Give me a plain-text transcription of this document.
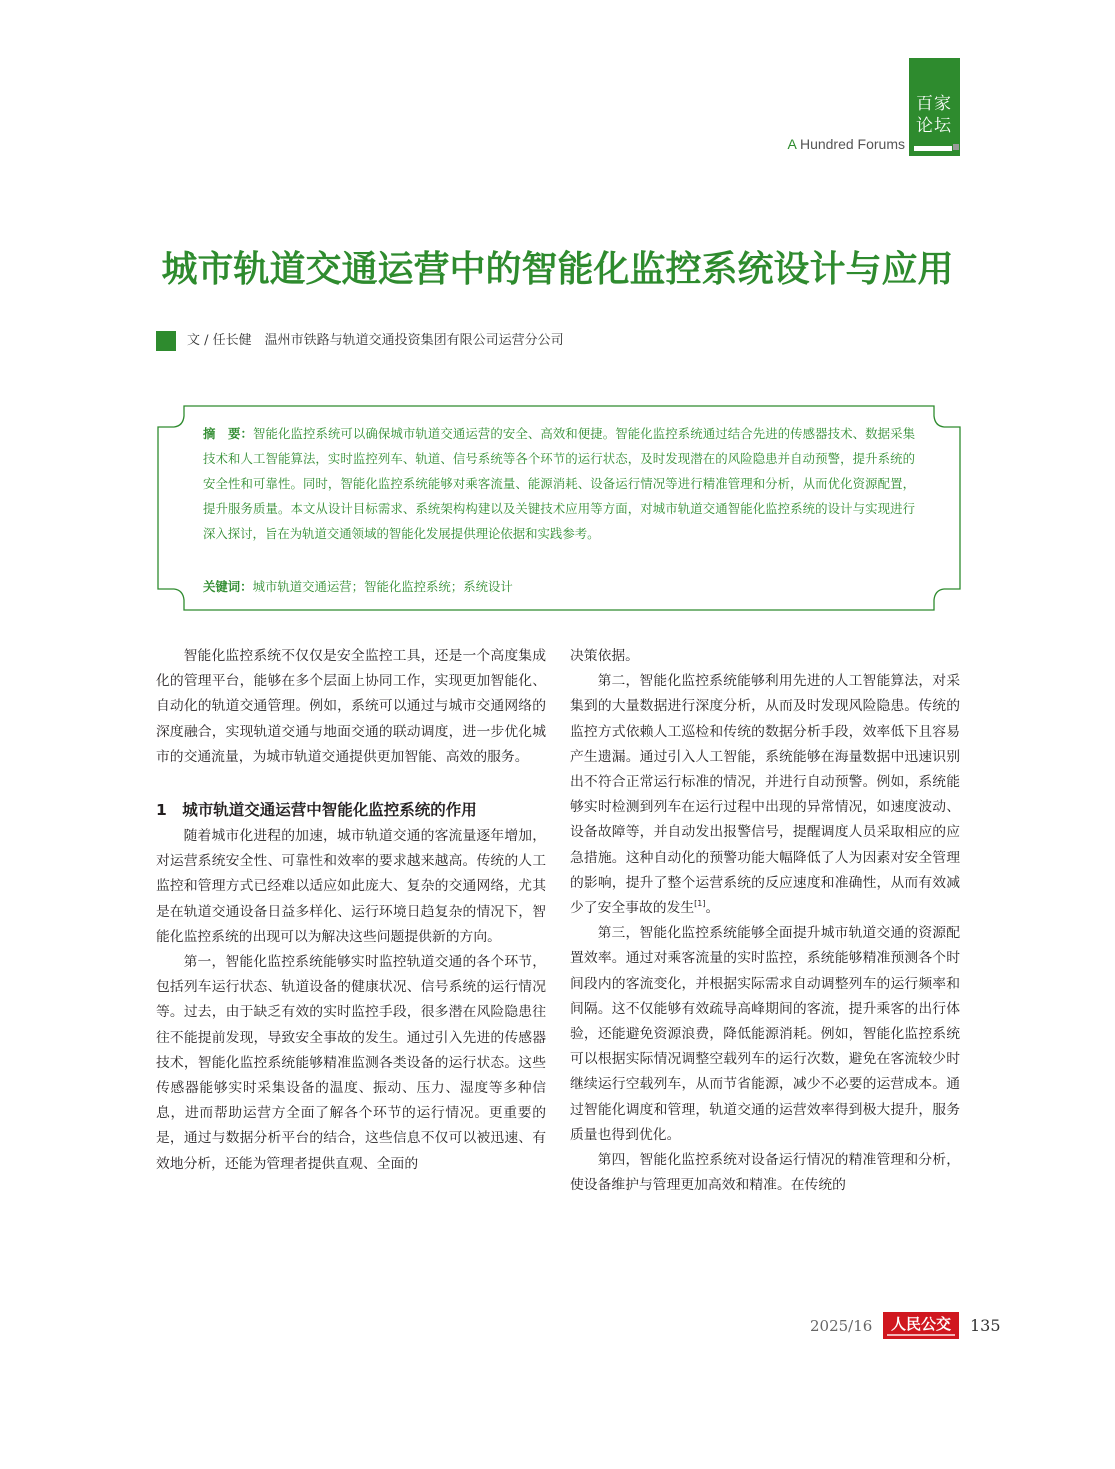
百家
论坛
A Hundred Forums
城市轨道交通运营中的智能化监控系统设计与应用
文 / 任长健　温州市铁路与轨道交通投资集团有限公司运营分公司
摘　要：智能化监控系统可以确保城市轨道交通运营的安全、高效和便捷。智能化监控系统通过结合先进的传感器技术、数据采集技术和人工智能算法，实时监控列车、轨道、信号系统等各个环节的运行状态，及时发现潜在的风险隐患并自动预警，提升系统的安全性和可靠性。同时，智能化监控系统能够对乘客流量、能源消耗、设备运行情况等进行精准管理和分析，从而优化资源配置，提升服务质量。本文从设计目标需求、系统架构构建以及关键技术应用等方面，对城市轨道交通智能化监控系统的设计与实现进行深入探讨，旨在为轨道交通领域的智能化发展提供理论依据和实践参考。
关键词：城市轨道交通运营；智能化监控系统；系统设计

智能化监控系统不仅仅是安全监控工具，还是一个高度集成化的管理平台，能够在多个层面上协同工作，实现更加智能化、自动化的轨道交通管理。例如，系统可以通过与城市交通网络的深度融合，实现轨道交通与地面交通的联动调度，进一步优化城市的交通流量，为城市轨道交通提供更加智能、高效的服务。

1　城市轨道交通运营中智能化监控系统的作用

随着城市化进程的加速，城市轨道交通的客流量逐年增加，对运营系统安全性、可靠性和效率的要求越来越高。传统的人工监控和管理方式已经难以适应如此庞大、复杂的交通网络，尤其是在轨道交通设备日益多样化、运行环境日趋复杂的情况下，智能化监控系统的出现可以为解决这些问题提供新的方向。

第一，智能化监控系统能够实时监控轨道交通的各个环节，包括列车运行状态、轨道设备的健康状况、信号系统的运行情况等。过去，由于缺乏有效的实时监控手段，很多潜在风险隐患往往不能提前发现，导致安全事故的发生。通过引入先进的传感器技术，智能化监控系统能够精准监测各类设备的运行状态。这些传感器能够实时采集设备的温度、振动、压力、湿度等多种信息，进而帮助运营方全面了解各个环节的运行情况。更重要的是，通过与数据分析平台的结合，这些信息不仅可以被迅速、有效地分析，还能为管理者提供直观、全面的

决策依据。

第二，智能化监控系统能够利用先进的人工智能算法，对采集到的大量数据进行深度分析，从而及时发现风险隐患。传统的监控方式依赖人工巡检和传统的数据分析手段，效率低下且容易产生遗漏。通过引入人工智能，系统能够在海量数据中迅速识别出不符合正常运行标准的情况，并进行自动预警。例如，系统能够实时检测到列车在运行过程中出现的异常情况，如速度波动、设备故障等，并自动发出报警信号，提醒调度人员采取相应的应急措施。这种自动化的预警功能大幅降低了人为因素对安全管理的影响，提升了整个运营系统的反应速度和准确性，从而有效减少了安全事故的发生[1]。

第三，智能化监控系统能够全面提升城市轨道交通的资源配置效率。通过对乘客流量的实时监控，系统能够精准预测各个时间段内的客流变化，并根据实际需求自动调整列车的运行频率和间隔。这不仅能够有效疏导高峰期间的客流，提升乘客的出行体验，还能避免资源浪费，降低能源消耗。例如，智能化监控系统可以根据实际情况调整空载列车的运行次数，避免在客流较少时继续运行空载列车，从而节省能源，减少不必要的运营成本。通过智能化调度和管理，轨道交通的运营效率得到极大提升，服务质量也得到优化。

第四，智能化监控系统对设备运行情况的精准管理和分析，使设备维护与管理更加高效和精准。在传统的

2025/16	人民公交	135
